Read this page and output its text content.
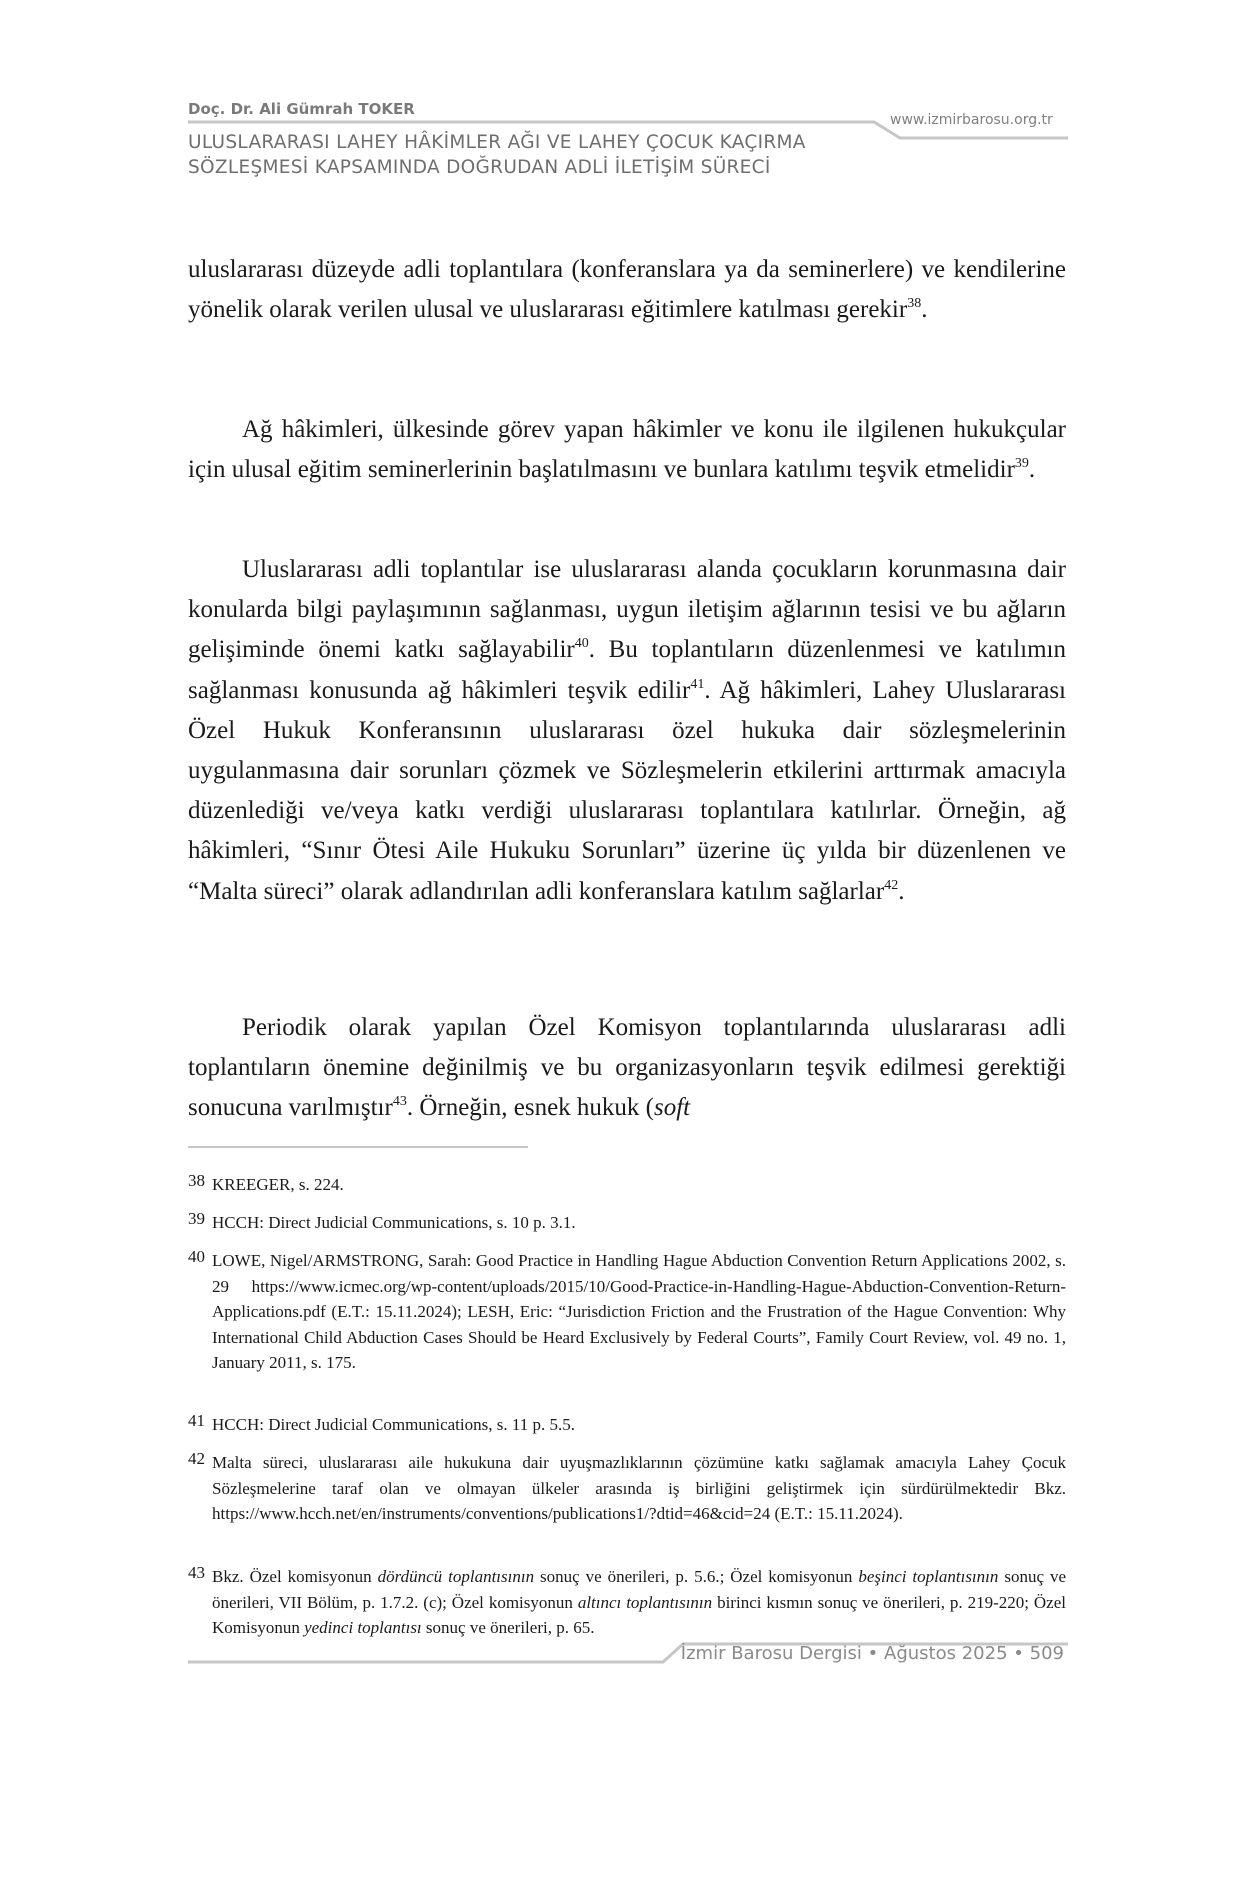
Doç. Dr. Ali Gümrah TOKER
ULUSLARARASI LAHEY HÂKİMLER AĞI VE LAHEY ÇOCUK KAÇIRMA
SÖZLEŞMESİ KAPSAMINDA DOĞRUDAN ADLİ İLETİŞİM SÜRECİ
www.izmirbarosu.org.tr

uluslararası düzeyde adli toplantılara (konferanslara ya da seminerlere) ve kendilerine yönelik olarak verilen ulusal ve uluslararası eğitimlere katılması gerekir$^{38}$.

Ağ hâkimleri, ülkesinde görev yapan hâkimler ve konu ile ilgilenen hukukçular için ulusal eğitim seminerlerinin başlatılmasını ve bunlara katılımı teşvik etmelidir$^{39}$.

Uluslararası adli toplantılar ise uluslararası alanda çocukların korunmasına dair konularda bilgi paylaşımının sağlanması, uygun iletişim ağlarının tesisi ve bu ağların gelişiminde önemi katkı sağlayabilir$^{40}$. Bu toplantıların düzenlenmesi ve katılımın sağlanması konusunda ağ hâkimleri teşvik edilir$^{41}$. Ağ hâkimleri, Lahey Uluslararası Özel Hukuk Konferansının uluslararası özel hukuka dair sözleşmelerinin uygulanmasına dair sorunları çözmek ve Sözleşmelerin etkilerini arttırmak amacıyla düzenlediği ve/veya katkı verdiği uluslararası toplantılara katılırlar. Örneğin, ağ hâkimleri, “Sınır Ötesi Aile Hukuku Sorunları” üzerine üç yılda bir düzenlenen ve “Malta süreci” olarak adlandırılan adli konferanslara katılım sağlarlar$^{42}$.

Periodik olarak yapılan Özel Komisyon toplantılarında uluslararası adli toplantıların önemine değinilmiş ve bu organizasyonların teşvik edilmesi gerektiği sonucuna varılmıştır$^{43}$. Örneğin, esnek hukuk (soft

38 KREEGER, s. 224.
39 HCCH: Direct Judicial Communications, s. 10 p. 3.1.
40 LOWE, Nigel/ARMSTRONG, Sarah: Good Practice in Handling Hague Abduction Convention Return Applications 2002, s. 29 https://www.icmec.org/wp-content/uploads/2015/10/Good-Practice-in-Handling-Hague-Abduction-Convention-Return-Applications.pdf (E.T.: 15.11.2024); LESH, Eric: “Jurisdiction Friction and the Frustration of the Hague Convention: Why International Child Abduction Cases Should be Heard Exclusively by Federal Courts”, Family Court Review, vol. 49 no. 1, January 2011, s. 175.
41 HCCH: Direct Judicial Communications, s. 11 p. 5.5.
42 Malta süreci, uluslararası aile hukukuna dair uyuşmazlıklarının çözümüne katkı sağlamak amacıyla Lahey Çocuk Sözleşmelerine taraf olan ve olmayan ülkeler arasında iş birliğini geliştirmek için sürdürülmektedir Bkz. https://www.hcch.net/en/instruments/conventions/publications1/?dtid=46&cid=24 (E.T.: 15.11.2024).
43 Bkz. Özel komisyonun dördüncü toplantısının sonuç ve önerileri, p. 5.6.; Özel komisyonun beşinci toplantısının sonuç ve önerileri, VII Bölüm, p. 1.7.2. (c); Özel komisyonun altıncı toplantısının birinci kısmın sonuç ve önerileri, p. 219-220; Özel Komisyonun yedinci toplantısı sonuç ve önerileri, p. 65.
İzmir Barosu Dergisi • Ağustos 2025 • 509
